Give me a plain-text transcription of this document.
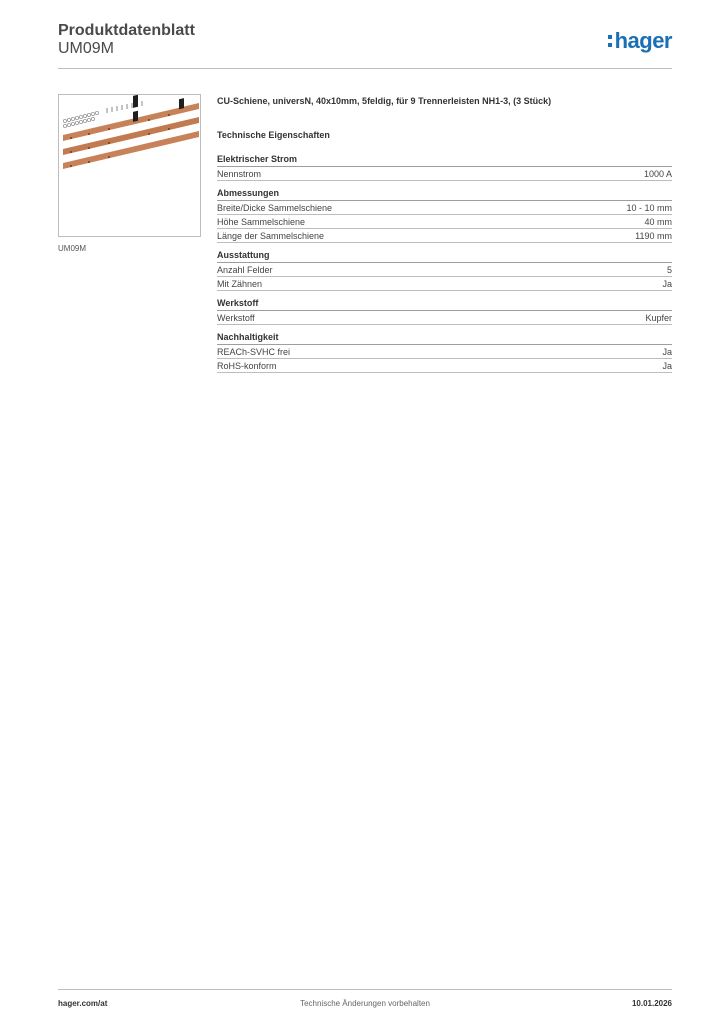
Produktdatenblatt
UM09M	hager
UM09M
CU-Schiene, universN, 40x10mm, 5feldig, für 9 Trennerleisten NH1-3, (3 Stück)
Technische Eigenschaften
Elektrischer Strom
Nennstrom	1000 A
Abmessungen
Breite/Dicke Sammelschiene	10 - 10 mm
Höhe Sammelschiene	40 mm
Länge der Sammelschiene	1190 mm
Ausstattung
Anzahl Felder	5
Mit Zähnen	Ja
Werkstoff
Werkstoff	Kupfer
Nachhaltigkeit
REACh-SVHC frei	Ja
RoHS-konform	Ja
hager.com/at	Technische Änderungen vorbehalten	10.01.2026
